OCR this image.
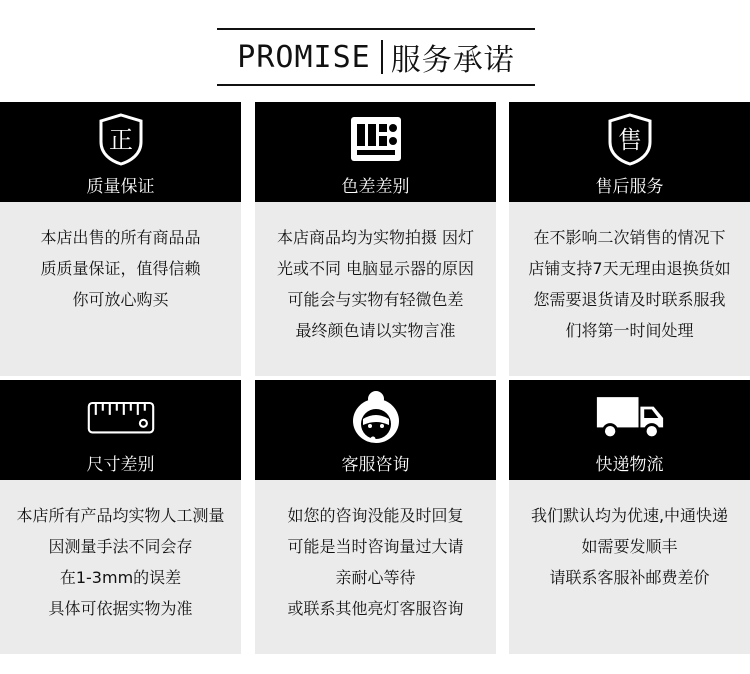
PROMISE 服务承诺
正
质量保证
本店出售的所有商品品
质质量保证，值得信赖
你可放心购买
色差差别
本店商品均为实物拍摄 因灯
光或不同 电脑显示器的原因
可能会与实物有轻微色差
最终颜色请以实物言准
售
售后服务
在不影响二次销售的情况下
店铺支持7天无理由退换货如
您需要退货请及时联系服我
们将第一时间处理
尺寸差别
本店所有产品均实物人工测量
因测量手法不同会存
在1-3mm的误差
具体可依据实物为准
客服咨询
如您的咨询没能及时回复
可能是当时咨询量过大请
亲耐心等待
或联系其他亮灯客服咨询
快递物流
我们默认均为优速,中通快递
如需要发顺丰
请联系客服补邮费差价
